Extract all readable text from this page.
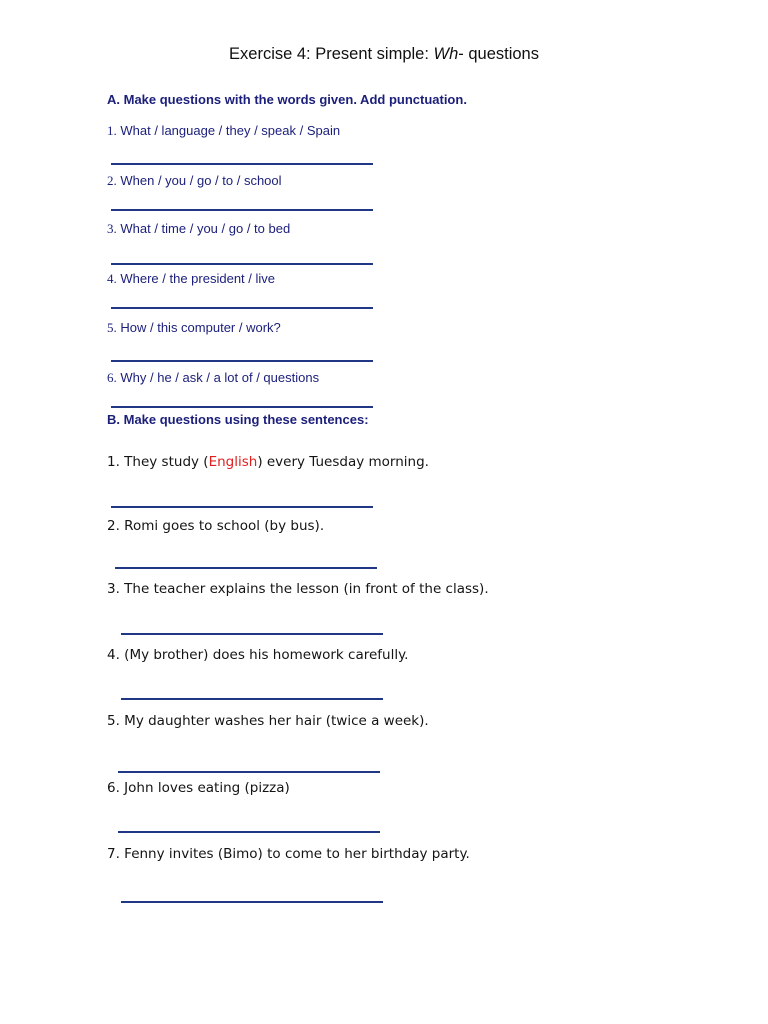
Exercise 4: Present simple: Wh- questions
A. Make questions with the words given. Add punctuation.
1. What / language / they / speak / Spain
2. When / you / go / to / school
3. What / time / you / go / to bed
4. Where / the president / live
5. How / this computer / work?
6. Why / he / ask / a lot of / questions
B. Make questions using these sentences:
1. They study (English) every Tuesday morning.
2. Romi goes to school (by bus).
3. The teacher explains the lesson (in front of the class).
4. (My brother) does his homework carefully.
5. My daughter washes her hair (twice a week).
6. John loves eating (pizza)
7. Fenny invites (Bimo) to come to her birthday party.
